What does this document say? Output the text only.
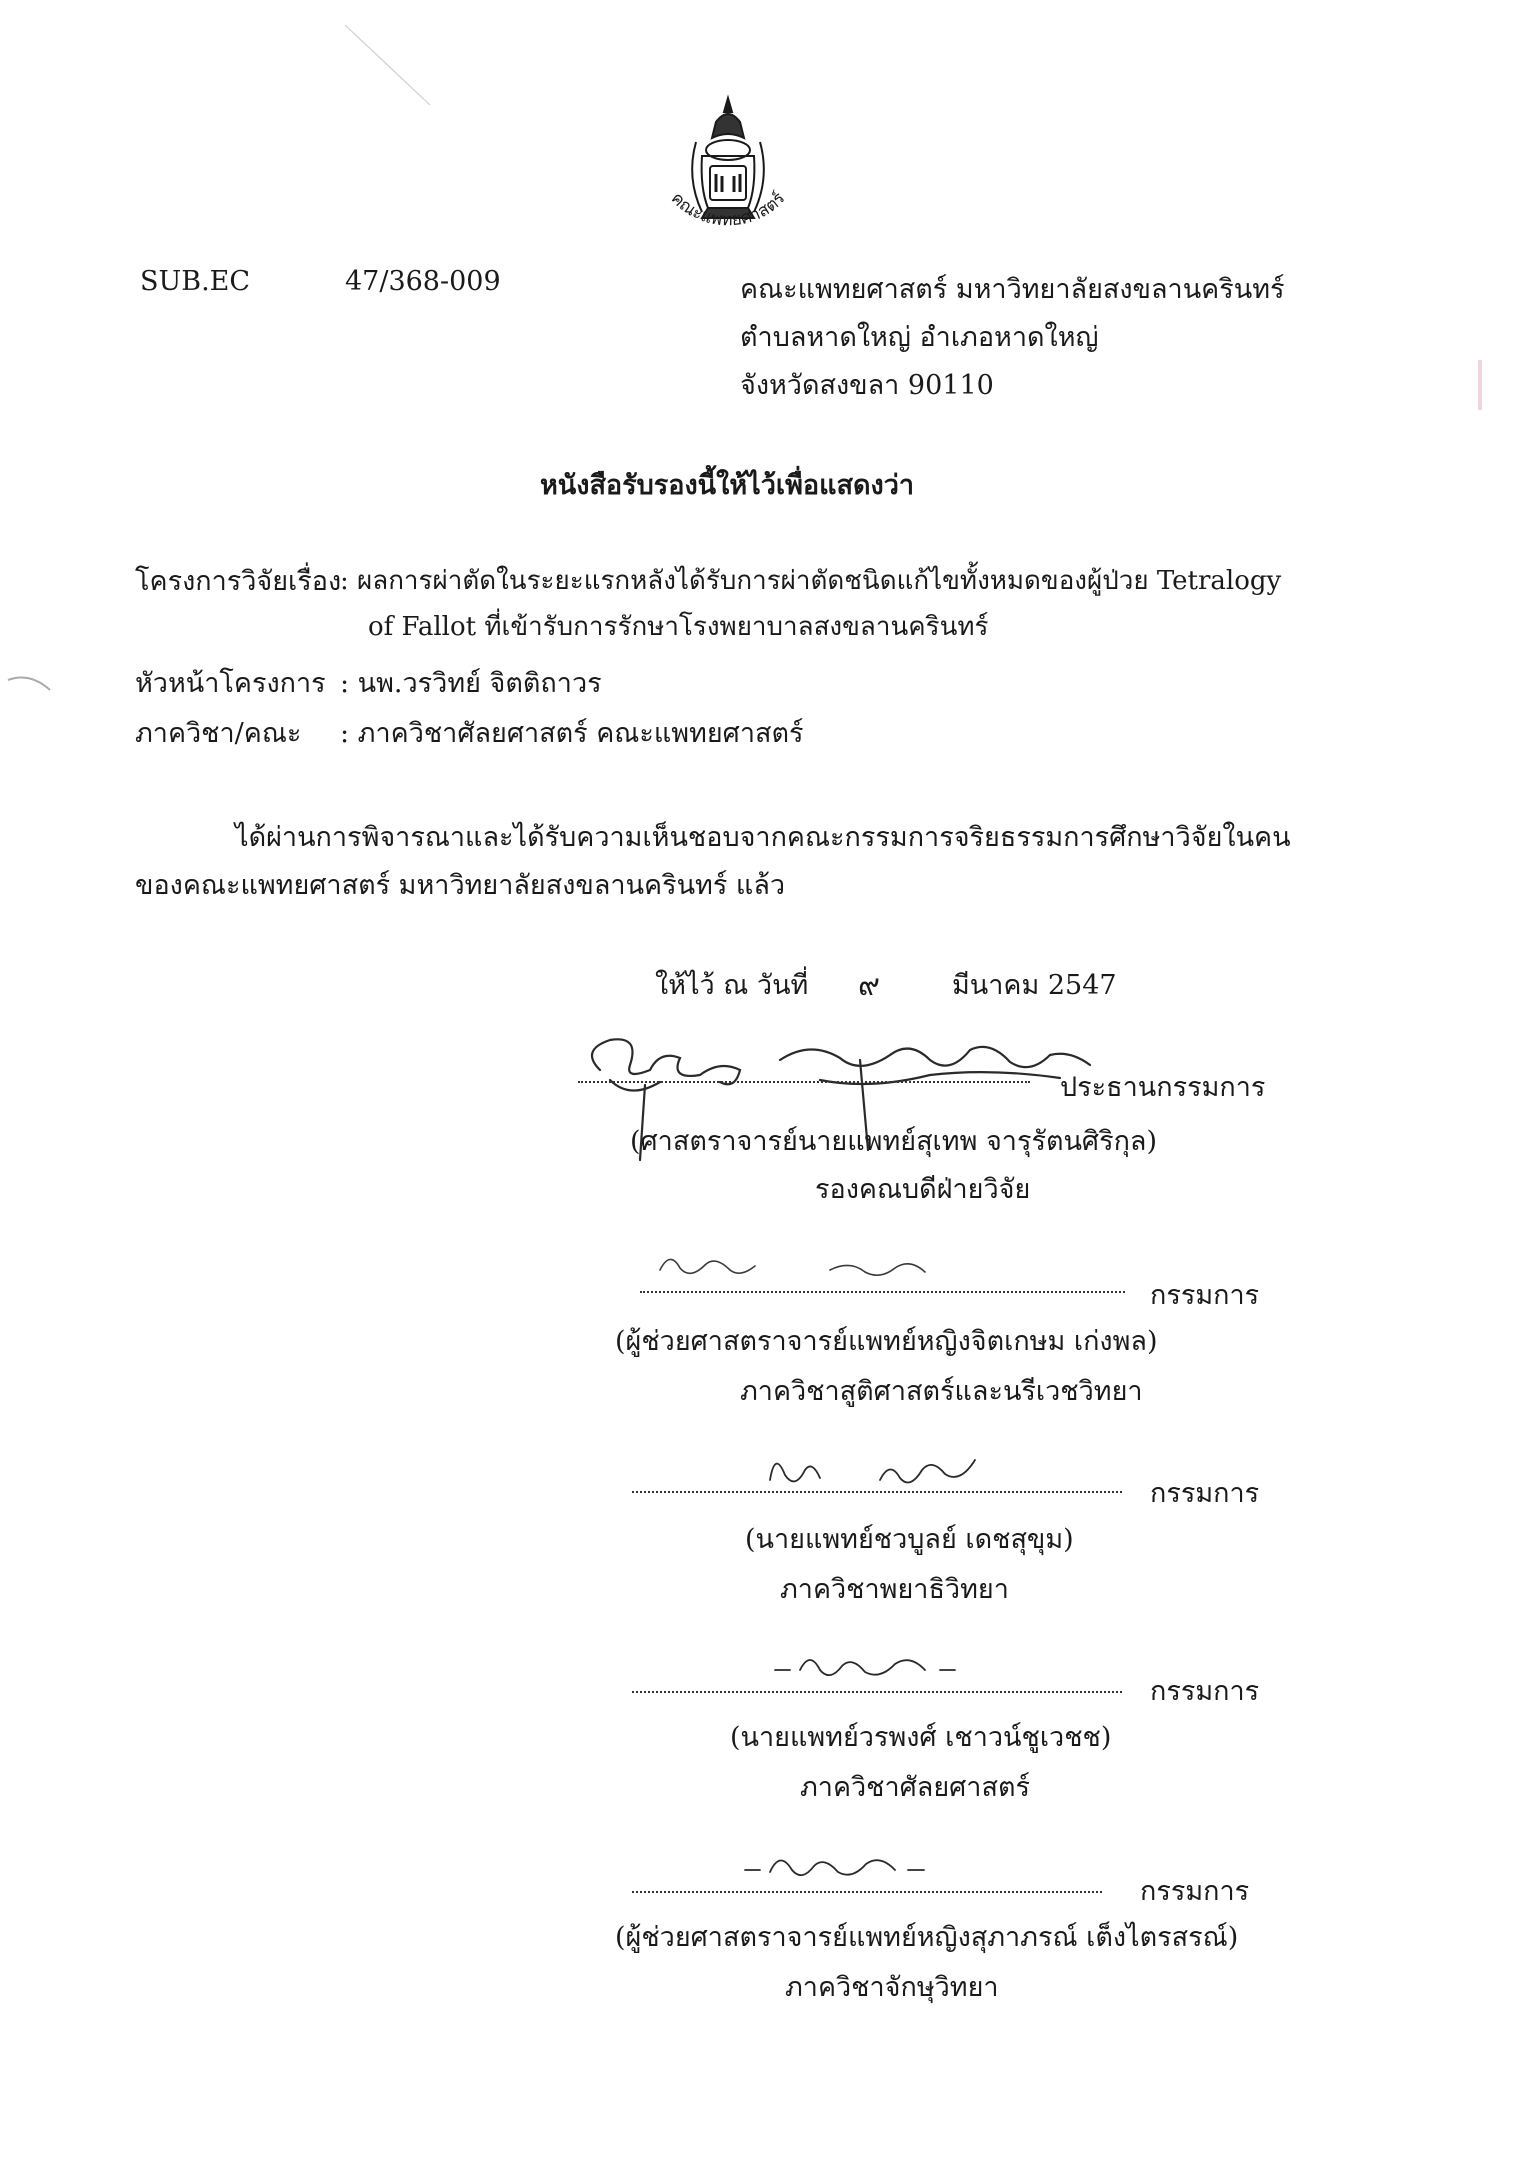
คณะแพทยศาสตร์
SUB.EC	47/368-009	คณะแพทยศาสตร์ มหาวิทยาลัยสงขลานครินทร์
ตำบลหาดใหญ่ อำเภอหาดใหญ่
จังหวัดสงขลา 90110
หนังสือรับรองนี้ให้ไว้เพื่อแสดงว่า
โครงการวิจัยเรื่อง
: ผลการผ่าตัดในระยะแรกหลังได้รับการผ่าตัดชนิดแก้ไขทั้งหมดของผู้ป่วย Tetralogy
of Fallot ที่เข้ารับการรักษาโรงพยาบาลสงขลานครินทร์
หัวหน้าโครงการ : นพ.วรวิทย์ จิตติถาวร
ภาควิชา/คณะ : ภาควิชาศัลยศาสตร์ คณะแพทยศาสตร์
ได้ผ่านการพิจารณาและได้รับความเห็นชอบจากคณะกรรมการจริยธรรมการศึกษาวิจัยในคน
ของคณะแพทยศาสตร์ มหาวิทยาลัยสงขลานครินทร์ แล้ว
ให้ไว้ ณ วันที่ ๙	มีนาคม 2547
ประธานกรรมการ
(ศาสตราจารย์นายแพทย์สุเทพ จารุรัตนศิริกุล)
รองคณบดีฝ่ายวิจัย
กรรมการ
(ผู้ช่วยศาสตราจารย์แพทย์หญิงจิตเกษม เก่งพล)
ภาควิชาสูติศาสตร์และนรีเวชวิทยา
กรรมการ
(นายแพทย์ชวบูลย์ เดชสุขุม)
ภาควิชาพยาธิวิทยา
กรรมการ
(นายแพทย์วรพงศ์ เชาวน์ชูเวชช)
ภาควิชาศัลยศาสตร์
กรรมการ
(ผู้ช่วยศาสตราจารย์แพทย์หญิงสุภาภรณ์ เต็งไตรสรณ์)
ภาควิชาจักษุวิทยา
